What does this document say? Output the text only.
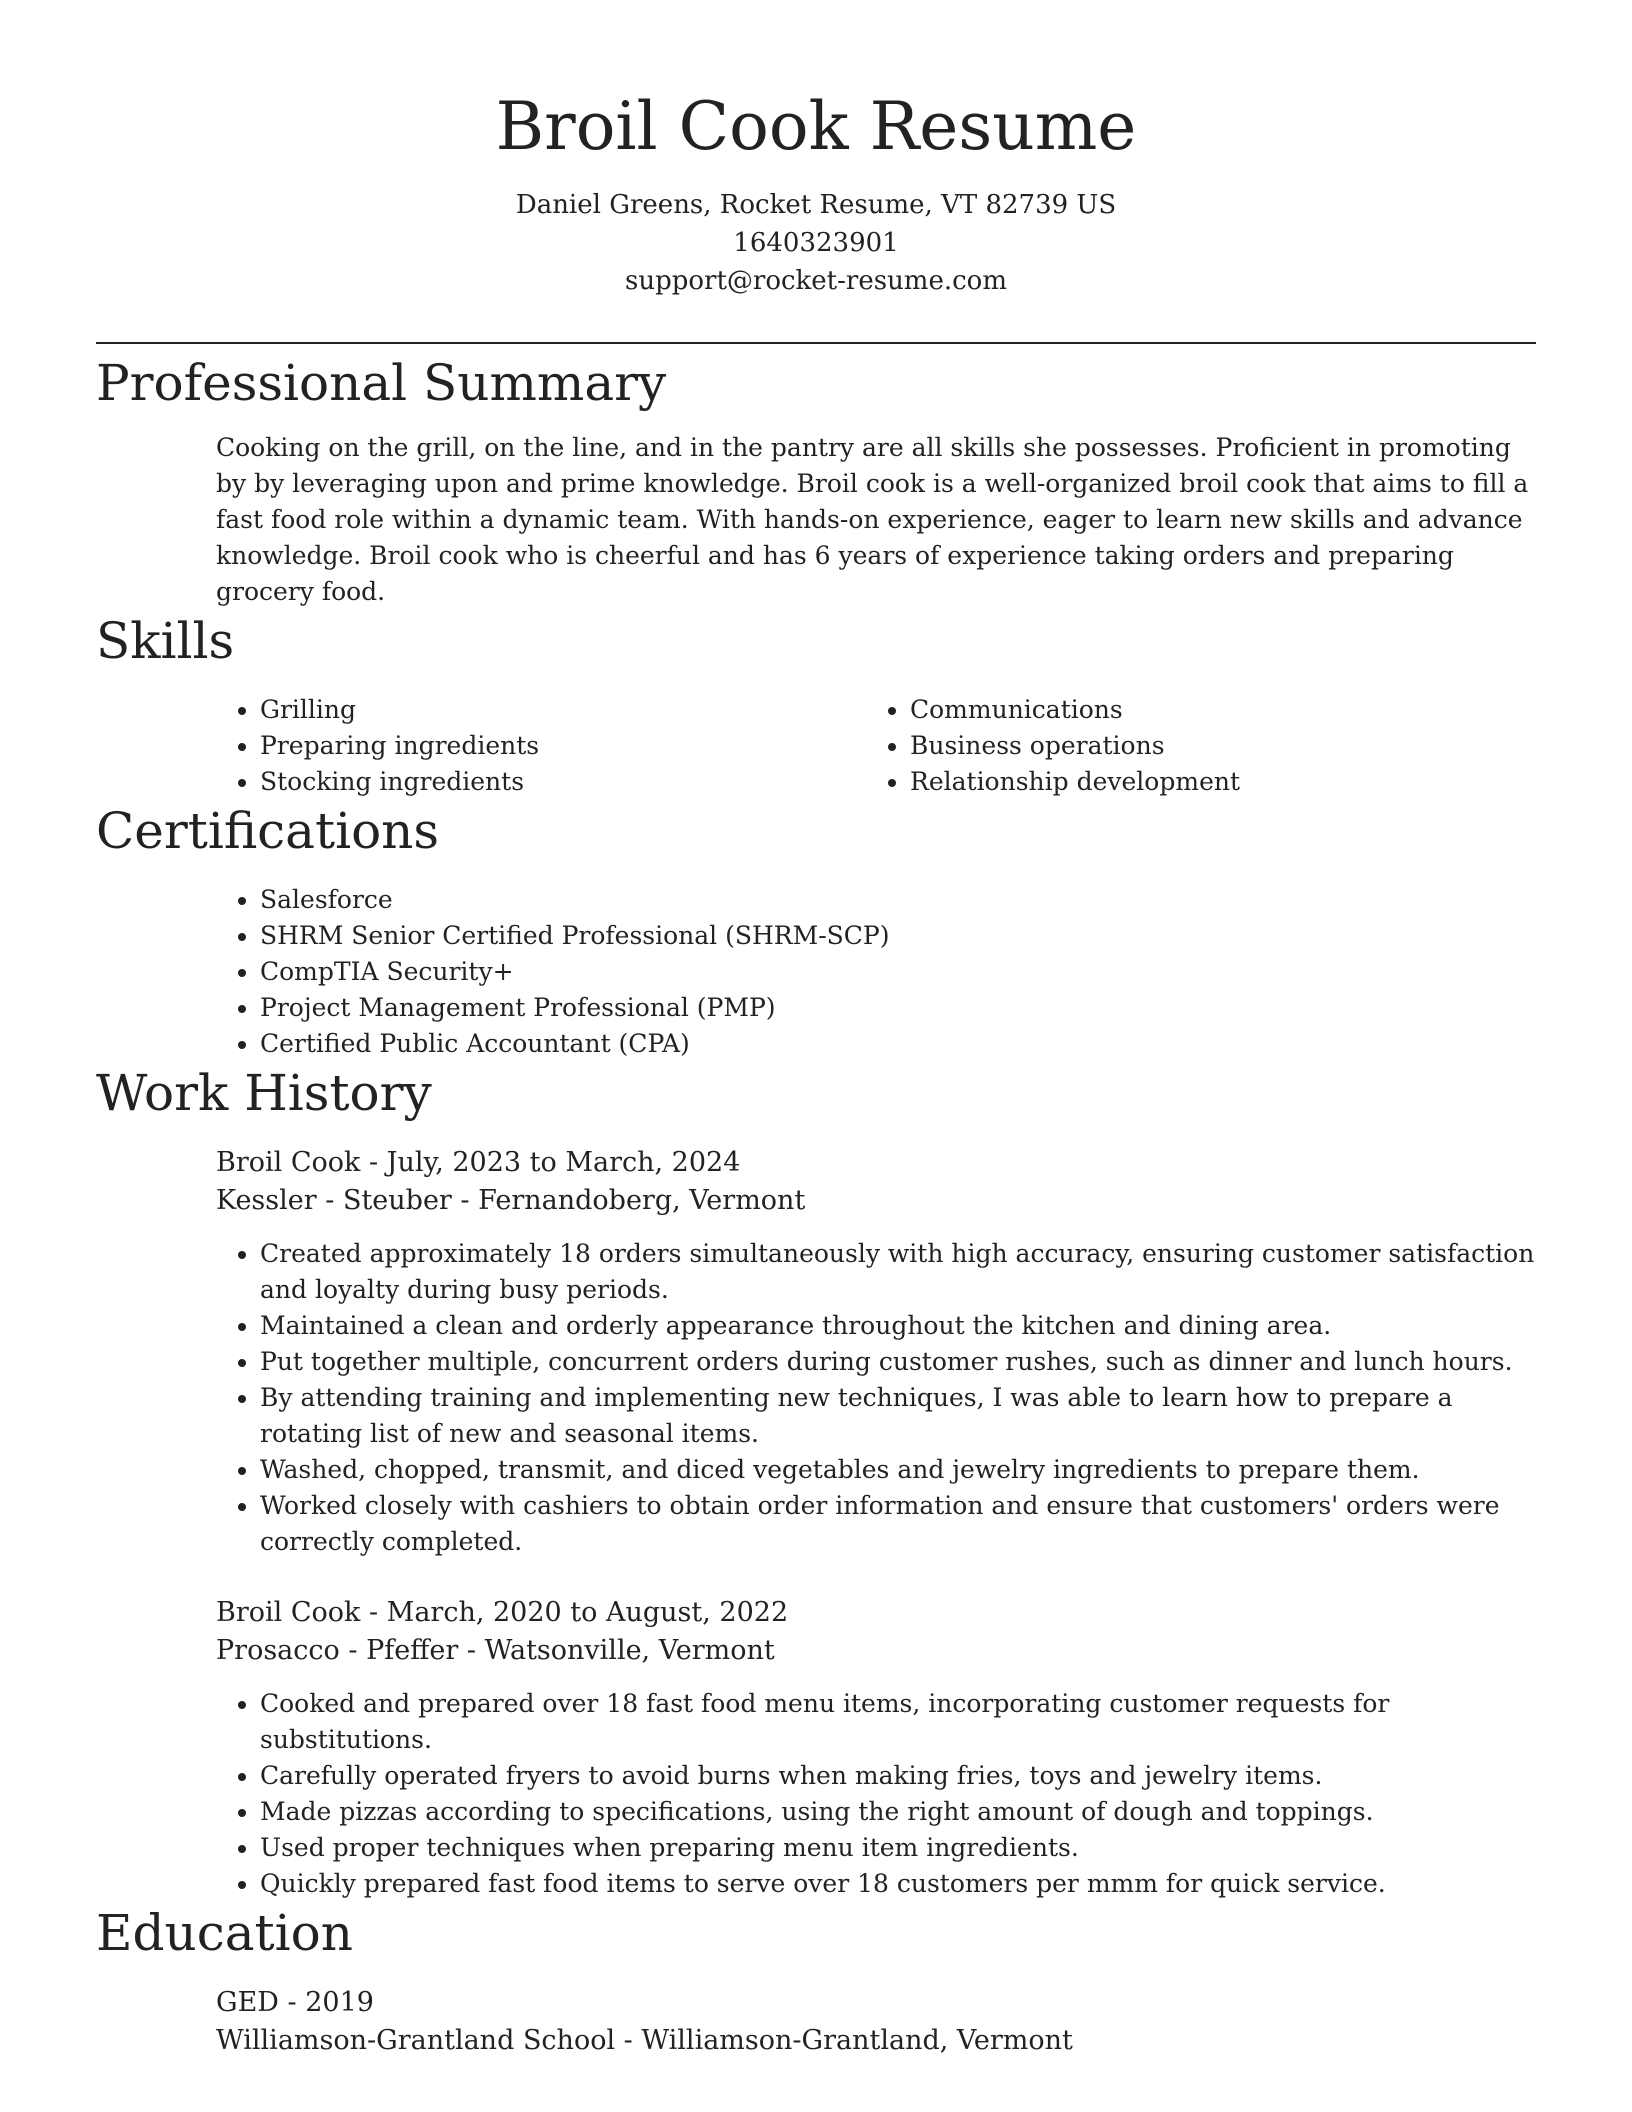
Broil Cook Resume
Daniel Greens, Rocket Resume, VT 82739 US
1640323901
support@rocket-resume.com
Professional Summary

Cooking on the grill, on the line, and in the pantry are all skills she possesses. Proficient in promoting by by leveraging upon and prime knowledge. Broil cook is a well-organized broil cook that aims to fill a fast food role within a dynamic team. With hands-on experience, eager to learn new skills and advance knowledge. Broil cook who is cheerful and has 6 years of experience taking orders and preparing grocery food.

Skills
• Grilling
• Preparing ingredients
• Stocking ingredients
• Communications
• Business operations
• Relationship development
Certifications
• Salesforce
• SHRM Senior Certified Professional (SHRM-SCP)
• CompTIA Security+
• Project Management Professional (PMP)
• Certified Public Accountant (CPA)
Work History
Broil Cook - July, 2023 to March, 2024
Kessler - Steuber - Fernandoberg, Vermont
• Created approximately 18 orders simultaneously with high accuracy, ensuring customer satisfaction and loyalty during busy periods.
• Maintained a clean and orderly appearance throughout the kitchen and dining area.
• Put together multiple, concurrent orders during customer rushes, such as dinner and lunch hours.
• By attending training and implementing new techniques, I was able to learn how to prepare a rotating list of new and seasonal items.
• Washed, chopped, transmit, and diced vegetables and jewelry ingredients to prepare them.
• Worked closely with cashiers to obtain order information and ensure that customers' orders were correctly completed.
Broil Cook - March, 2020 to August, 2022
Prosacco - Pfeffer - Watsonville, Vermont
• Cooked and prepared over 18 fast food menu items, incorporating customer requests for substitutions.
• Carefully operated fryers to avoid burns when making fries, toys and jewelry items.
• Made pizzas according to specifications, using the right amount of dough and toppings.
• Used proper techniques when preparing menu item ingredients.
• Quickly prepared fast food items to serve over 18 customers per mmm for quick service.
Education
GED - 2019
Williamson-Grantland School - Williamson-Grantland, Vermont
